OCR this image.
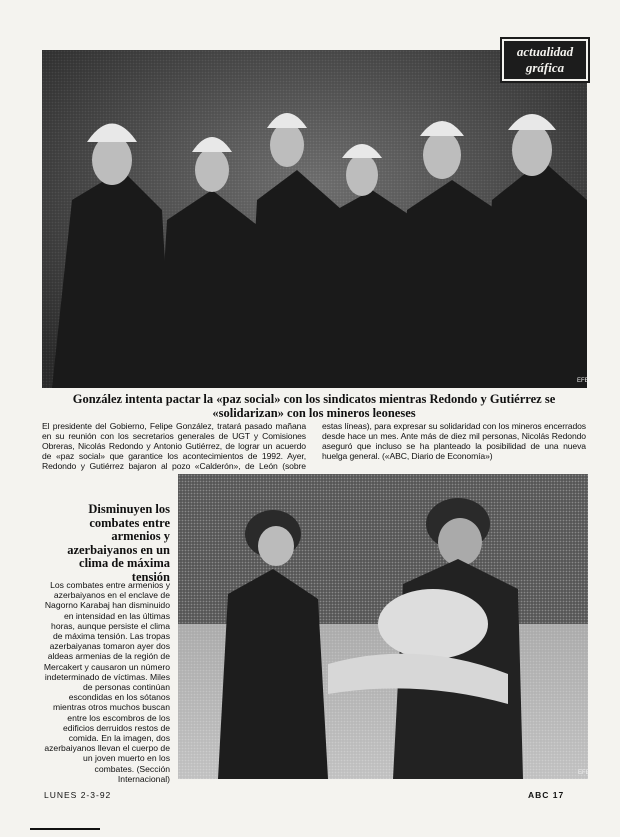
EFE
actualidad
gráfica
González intenta pactar la «paz social» con los sindicatos mientras Redondo y Gutiérrez se «solidarizan» con los mineros leoneses
El presidente del Gobierno, Felipe González, tratará pasado mañana en su reunión con los secretarios generales de UGT y Comisiones Obreras, Nicolás Redondo y Antonio Gutiérrez, de lograr un acuerdo de «paz social» que garantice los acontecimientos de 1992. Ayer, Redondo y Gutiérrez bajaron al pozo «Calderón», de León (sobre estas líneas), para expresar su solidaridad con los mineros encerrados desde hace un mes. Ante más de diez mil personas, Nicolás Redondo aseguró que incluso se ha planteado la posibilidad de una nueva huelga general. («ABC, Diario de Economía»)
Disminuyen los combates entre armenios y azerbaiyanos en un clima de máxima tensión
Los combates entre armenios y azerbaiyanos en el enclave de Nagorno Karabaj han disminuido en intensidad en las últimas horas, aunque persiste el clima de máxima tensión. Las tropas azerbaiyanas tomaron ayer dos aldeas armenias de la región de Mercakert y causaron un número indeterminado de víctimas. Miles de personas continúan escondidas en los sótanos mientras otros muchos buscan entre los escombros de los edificios derruidos restos de comida. En la imagen, dos azerbaiyanos llevan el cuerpo de un joven muerto en los combates. (Sección Internacional)
EFE
LUNES 2-3-92	ABC 17
